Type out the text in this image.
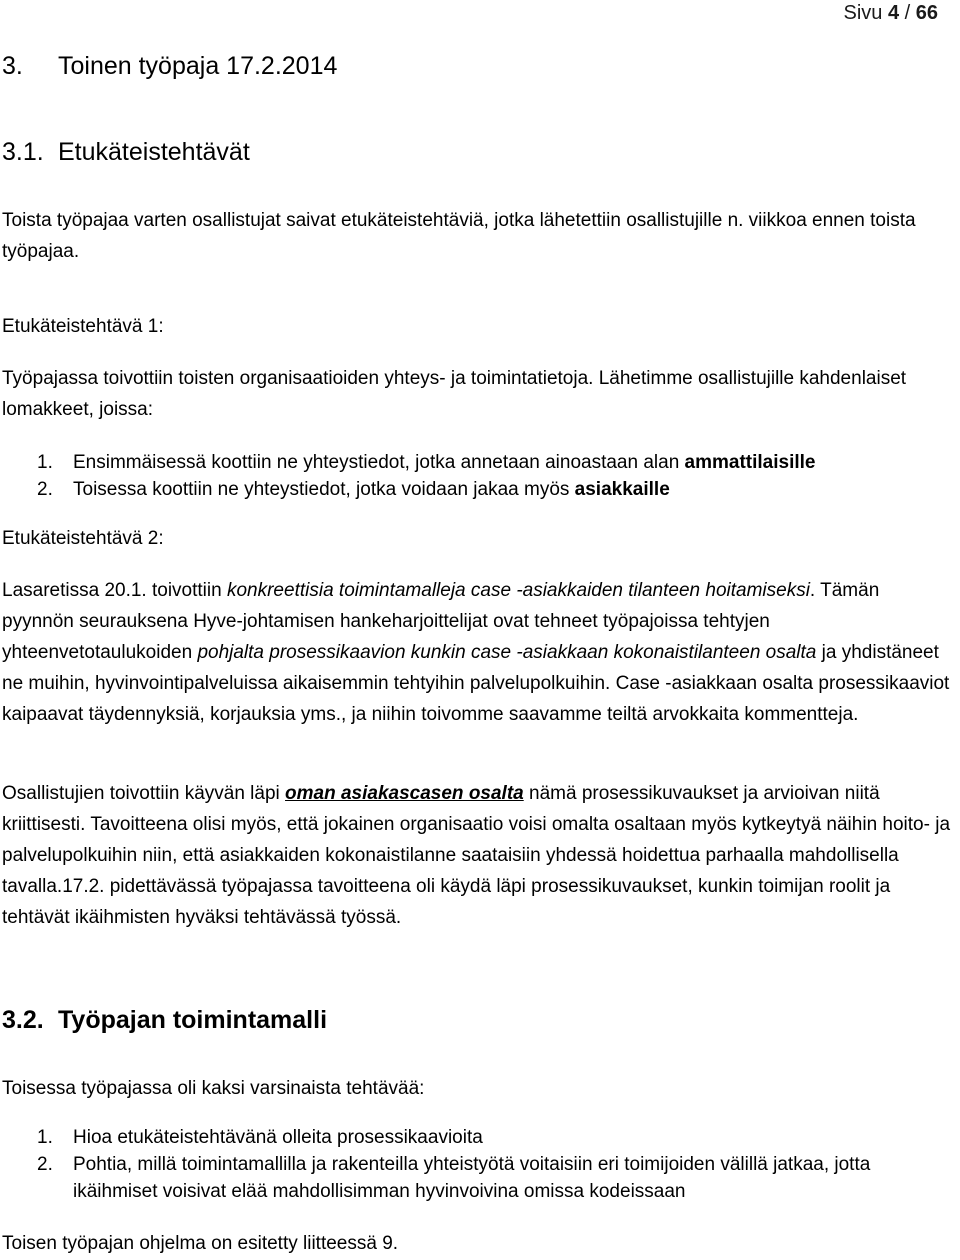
Sivu 4 / 66
3. Toinen työpaja 17.2.2014
3.1. Etukäteistehtävät
Toista työpajaa varten osallistujat saivat etukäteistehtäviä, jotka lähetettiin osallistujille n. viikkoa ennen toista työpajaa.
Etukäteistehtävä 1:
Työpajassa toivottiin toisten organisaatioiden yhteys- ja toimintatietoja. Lähetimme osallistujille kahdenlaiset lomakkeet, joissa:
1. Ensimmäisessä koottiin ne yhteystiedot, jotka annetaan ainoastaan alan ammattilaisille
2. Toisessa koottiin ne yhteystiedot, jotka voidaan jakaa myös asiakkaille
Etukäteistehtävä 2:
Lasaretissa 20.1. toivottiin konkreettisia toimintamalleja case -asiakkaiden tilanteen hoitamiseksi. Tämän pyynnön seurauksena Hyve-johtamisen hankeharjoittelijat ovat tehneet työpajoissa tehtyjen yhteenvetotaulukoiden pohjalta prosessikaavion kunkin case -asiakkaan kokonaistilanteen osalta ja yhdistäneet ne muihin, hyvinvointipalveluissa aikaisemmin tehtyihin palvelupolkuihin. Case -asiakkaan osalta prosessikaaviot kaipaavat täydennyksiä, korjauksia yms., ja niihin toivomme saavamme teiltä arvokkaita kommentteja.
Osallistujien toivottiin käyvän läpi oman asiakascasen osalta nämä prosessikuvaukset ja arvioivan niitä kriittisesti. Tavoitteena olisi myös, että jokainen organisaatio voisi omalta osaltaan myös kytkeytyä näihin hoito- ja palvelupolkuihin niin, että asiakkaiden kokonaistilanne saataisiin yhdessä hoidettua parhaalla mahdollisella tavalla.17.2. pidettävässä työpajassa tavoitteena oli käydä läpi prosessikuvaukset, kunkin toimijan roolit ja tehtävät ikäihmisten hyväksi tehtävässä työssä.
3.2. Työpajan toimintamalli
Toisessa työpajassa oli kaksi varsinaista tehtävää:
1. Hioa etukäteistehtävänä olleita prosessikaavioita
2. Pohtia, millä toimintamallilla ja rakenteilla yhteistyötä voitaisiin eri toimijoiden välillä jatkaa, jotta ikäihmiset voisivat elää mahdollisimman hyvinvoivina omissa kodeissaan
Toisen työpajan ohjelma on esitetty liitteessä 9.
